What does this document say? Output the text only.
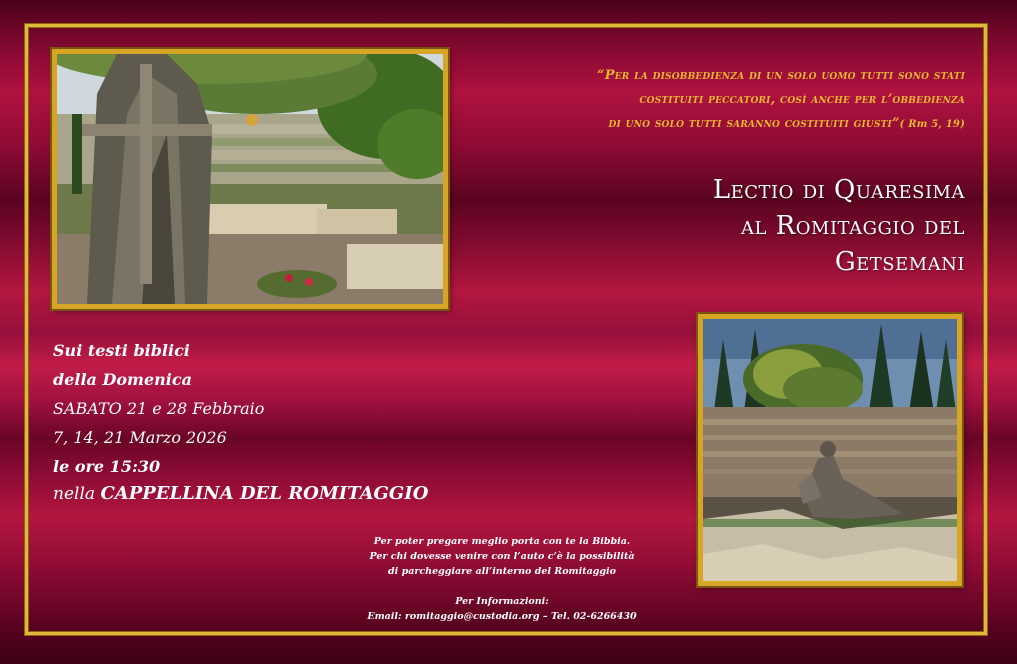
“Per la disobbedienza di un solo uomo tutti sono stati
costituiti peccatori, così anche per l’obbedienza
di uno solo tutti saranno costituiti giusti”( Rm 5, 19)
Lectio di Quaresima
al Romitaggio del
Getsemani
Sui testi biblici
della Domenica
SABATO 21 e 28 Febbraio
7, 14, 21 Marzo 2026
le ore 15:30
nella CAPPELLINA DEL ROMITAGGIO
Per poter pregare meglio porta con te la Bibbia.
Per chi dovesse venire con l’auto c’è la possibilità
di parcheggiare all’interno del Romitaggio
Per Informazioni:
Email: romitaggio@custodia.org – Tel. 02-6266430
